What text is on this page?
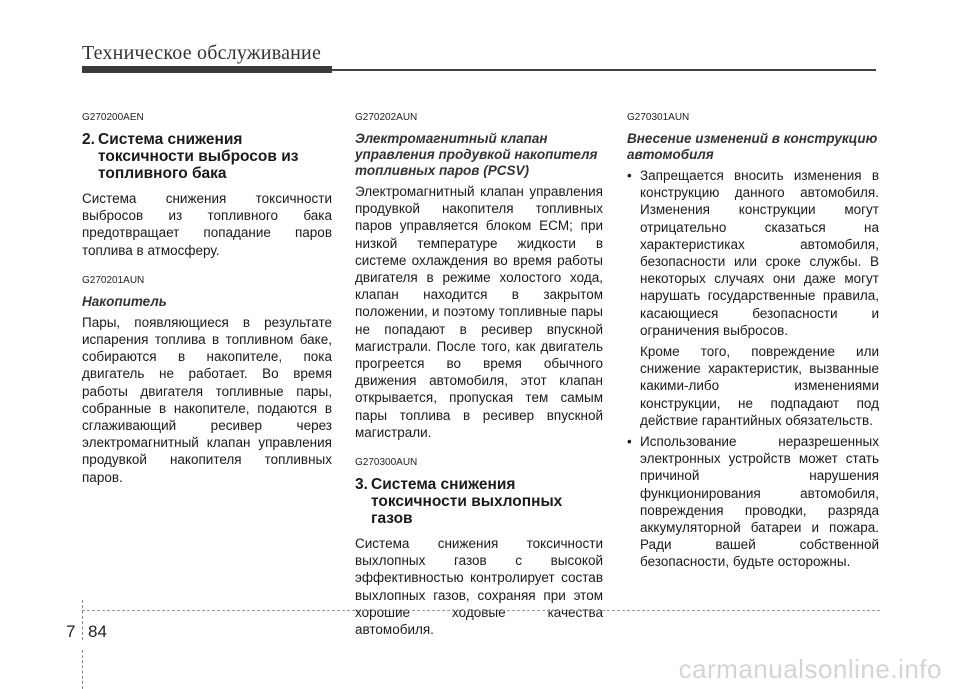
Техническое обслуживание
G270200AEN
2. Система снижения токсичности выбросов из топливного бака
Система снижения токсичности выбросов из топливного бака предотвращает попадание паров топлива в атмосферу.
G270201AUN
Накопитель
Пары, появляющиеся в результате испарения топлива в топливном баке, собираются в накопителе, пока двигатель не работает. Во время работы двигателя топливные пары, собранные в накопителе, подаются в сглаживающий ресивер через электромагнитный клапан управления продувкой накопителя топливных паров.
G270202AUN
Электромагнитный клапан управления продувкой накопителя топливных паров (PCSV)
Электромагнитный клапан управления продувкой накопителя топливных паров управляется блоком ECM; при низкой температуре жидкости в системе охлаждения во время работы двигателя в режиме холостого хода, клапан находится в закрытом положении, и поэтому топливные пары не попадают в ресивер впускной магистрали. После того, как двигатель прогреется во время обычного движения автомобиля, этот клапан открывается, пропуская тем самым пары топлива в ресивер впускной магистрали.
G270300AUN
3. Система снижения токсичности выхлопных газов
Система снижения токсичности выхлопных газов с высокой эффективностью контролирует состав выхлопных газов, сохраняя при этом хорошие ходовые качества автомобиля.
G270301AUN
Внесение изменений в конструкцию автомобиля
• Запрещается вносить изменения в конструкцию данного автомобиля. Изменения конструкции могут отрицательно сказаться на характеристиках автомобиля, безопасности или сроке службы. В некоторых случаях они даже могут нарушать государственные правила, касающиеся безопасности и ограничения выбросов.
Кроме того, повреждение или снижение характеристик, вызванные какими-либо изменениями конструкции, не подпадают под действие гарантийных обязательств.
• Использование неразрешенных электронных устройств может стать причиной нарушения функционирования автомобиля, повреждения проводки, разряда аккумуляторной батареи и пожара. Ради вашей собственной безопасности, будьте осторожны.
7 84
carmanualsonline.info
